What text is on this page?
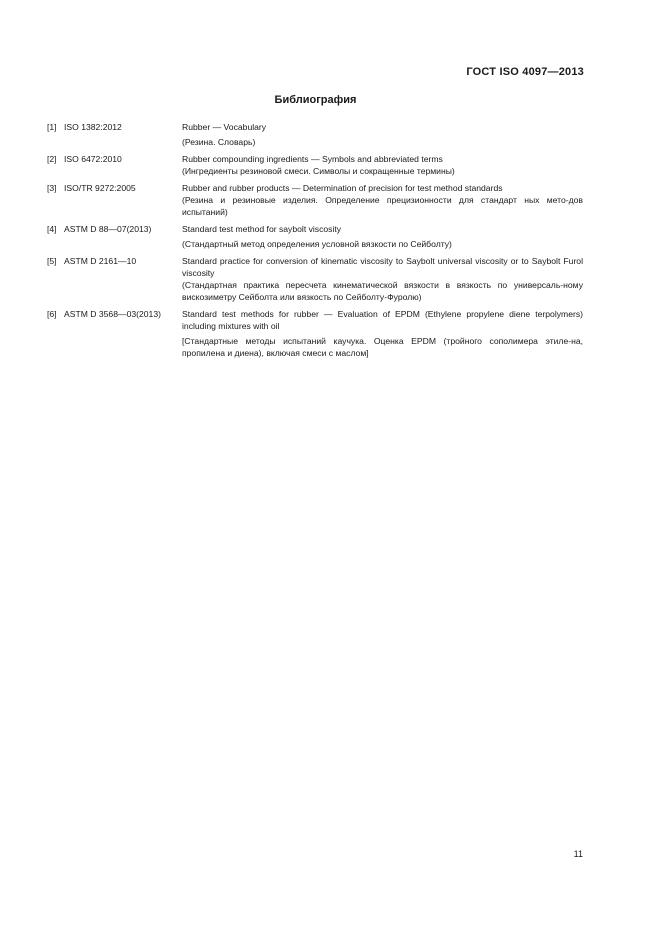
ГОСТ ISO 4097—2013
Библиография
[1] ISO 1382:2012	Rubber — Vocabulary
(Резина. Словарь)
[2] ISO 6472:2010	Rubber compounding ingredients — Symbols and abbreviated terms
(Ингредиенты резиновой смеси. Символы и сокращенные термины)
[3] ISO/TR 9272:2005	Rubber and rubber products — Determination of precision for test method standards
(Резина и резиновые изделия. Определение прецизионности для стандарт ных мето-дов испытаний)
[4] ASTM D 88—07(2013)	Standard test method for saybolt viscosity
(Стандартный метод определения условной вязкости по Сейболту)
[5] ASTM D 2161—10	Standard practice for conversion of kinematic viscosity to Saybolt universal viscosity or to Saybolt Furol viscosity
(Стандартная практика пересчета кинематической вязкости в вязкость по универсаль-ному вискозиметру Сейболта или вязкость по Сейболту-Фуролю)
[6] ASTM D 3568—03(2013)	Standard test methods for rubber — Evaluation of EPDM (Ethylene propylene diene terpolymers) including mixtures with oil
[Стандартные методы испытаний каучука. Оценка EPDM (тройного сополимера этиле-на, пропилена и диена), включая смеси с маслом]
11
